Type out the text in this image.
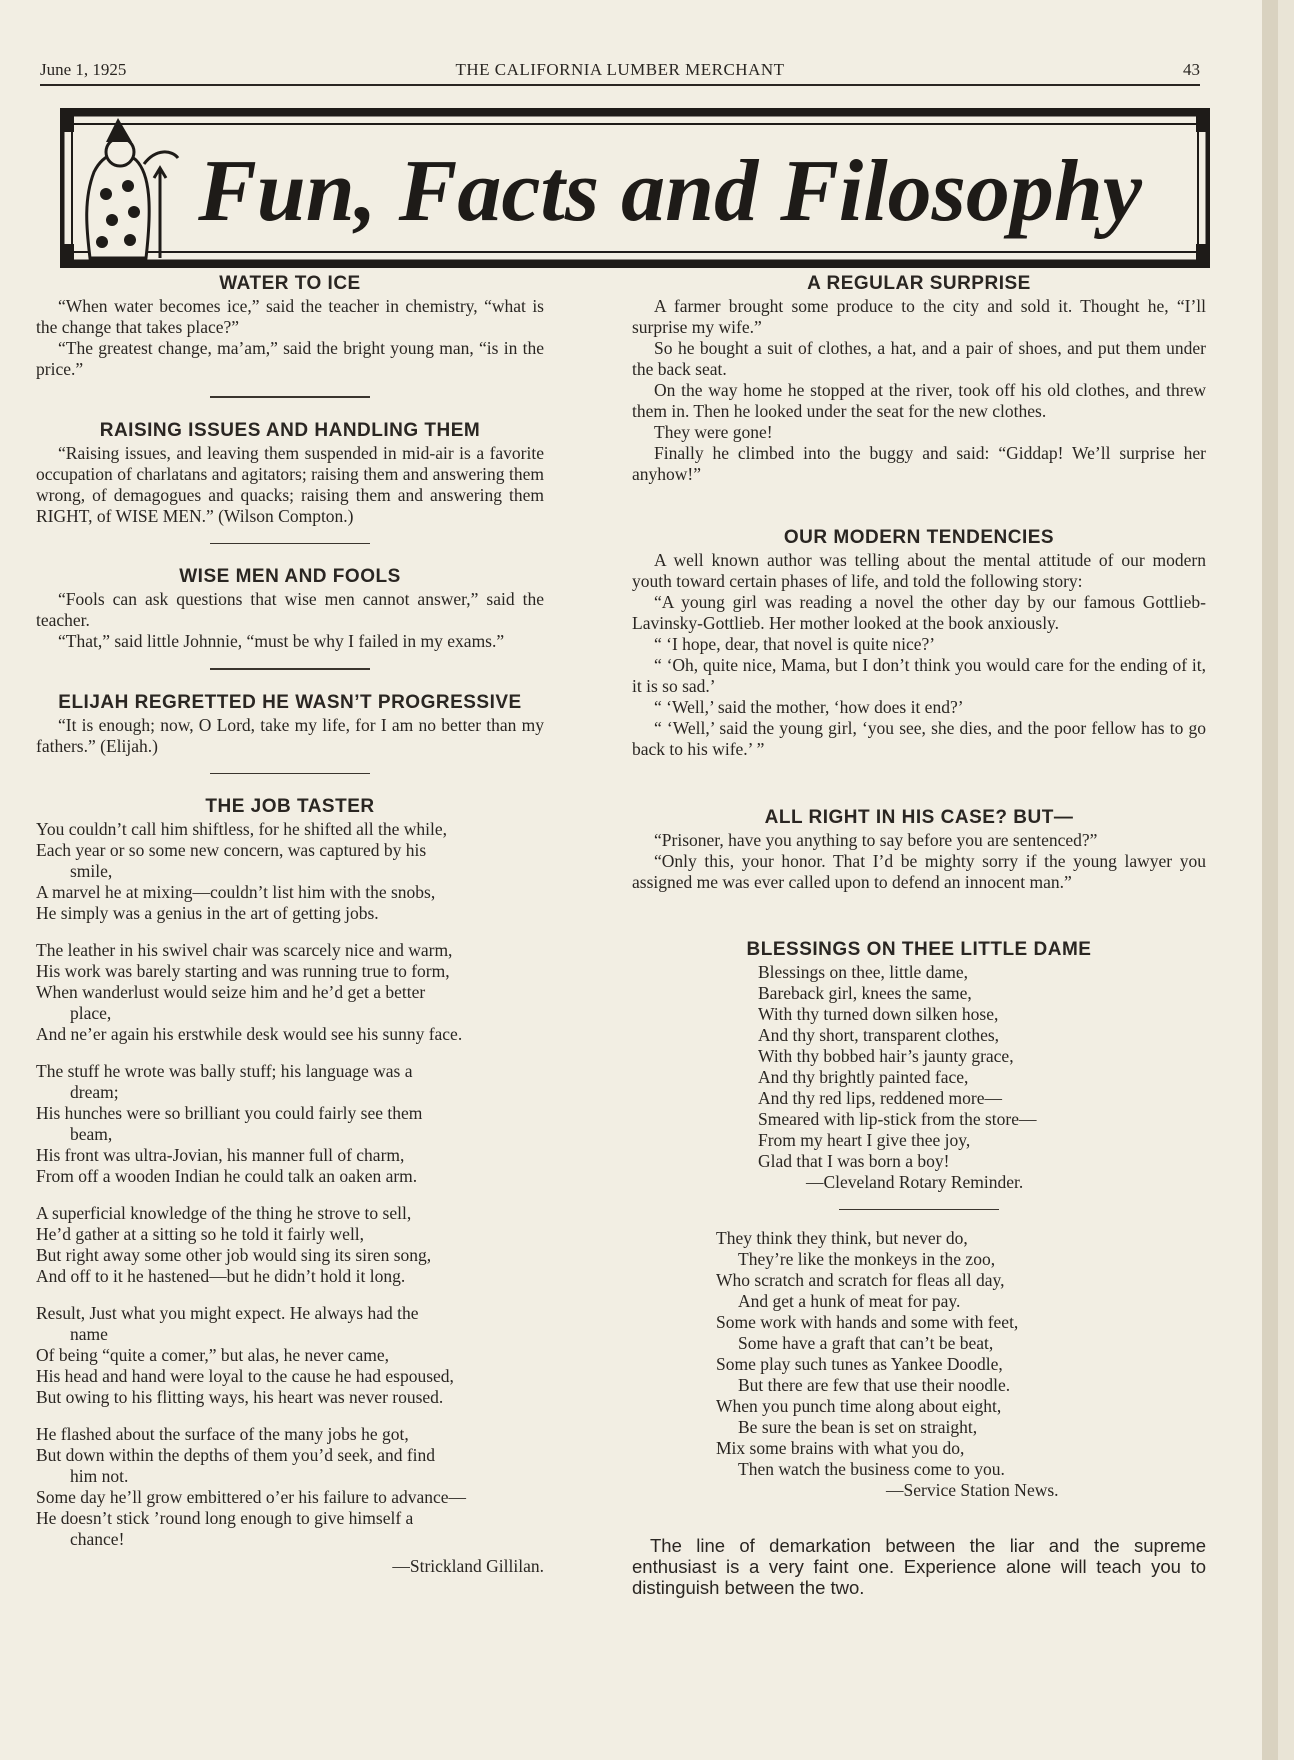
June 1, 1925	THE CALIFORNIA LUMBER MERCHANT	43
Fun, Facts and Filosophy
WATER TO ICE

“When water becomes ice,” said the teacher in chemistry, “what is the change that takes place?”

“The greatest change, ma’am,” said the bright young man, “is in the price.”

RAISING ISSUES AND HANDLING THEM

“Raising issues, and leaving them suspended in mid-air is a favorite occupation of charlatans and agitators; raising them and answering them wrong, of demagogues and quacks; raising them and answering them RIGHT, of WISE MEN.” (Wilson Compton.)

WISE MEN AND FOOLS

“Fools can ask questions that wise men cannot answer,” said the teacher.

“That,” said little Johnnie, “must be why I failed in my exams.”

ELIJAH REGRETTED HE WASN’T PROGRESSIVE

“It is enough; now, O Lord, take my life, for I am no better than my fathers.” (Elijah.)

THE JOB TASTER
You couldn’t call him shiftless, for he shifted all the while,
Each year or so some new concern, was captured by his
smile,
A marvel he at mixing—couldn’t list him with the snobs,
He simply was a genius in the art of getting jobs.
The leather in his swivel chair was scarcely nice and warm,
His work was barely starting and was running true to form,
When wanderlust would seize him and he’d get a better
place,
And ne’er again his erstwhile desk would see his sunny face.
The stuff he wrote was bally stuff; his language was a
dream;
His hunches were so brilliant you could fairly see them
beam,
His front was ultra-Jovian, his manner full of charm,
From off a wooden Indian he could talk an oaken arm.
A superficial knowledge of the thing he strove to sell,
He’d gather at a sitting so he told it fairly well,
But right away some other job would sing its siren song,
And off to it he hastened—but he didn’t hold it long.
Result, Just what you might expect. He always had the
name
Of being “quite a comer,” but alas, he never came,
His head and hand were loyal to the cause he had espoused,
But owing to his flitting ways, his heart was never roused.
He flashed about the surface of the many jobs he got,
But down within the depths of them you’d seek, and find
him not.
Some day he’ll grow embittered o’er his failure to advance—
He doesn’t stick ’round long enough to give himself a
chance!
—Strickland Gillilan.
A REGULAR SURPRISE

A farmer brought some produce to the city and sold it. Thought he, “I’ll surprise my wife.”

So he bought a suit of clothes, a hat, and a pair of shoes, and put them under the back seat.

On the way home he stopped at the river, took off his old clothes, and threw them in. Then he looked under the seat for the new clothes.

They were gone!

Finally he climbed into the buggy and said: “Giddap! We’ll surprise her anyhow!”

OUR MODERN TENDENCIES

A well known author was telling about the mental attitude of our modern youth toward certain phases of life, and told the following story:

“A young girl was reading a novel the other day by our famous Gottlieb-Lavinsky-Gottlieb. Her mother looked at the book anxiously.

“ ‘I hope, dear, that novel is quite nice?’

“ ‘Oh, quite nice, Mama, but I don’t think you would care for the ending of it, it is so sad.’

“ ‘Well,’ said the mother, ‘how does it end?’

“ ‘Well,’ said the young girl, ‘you see, she dies, and the poor fellow has to go back to his wife.’ ”

ALL RIGHT IN HIS CASE? BUT—

“Prisoner, have you anything to say before you are sentenced?”

“Only this, your honor. That I’d be mighty sorry if the young lawyer you assigned me was ever called upon to defend an innocent man.”

BLESSINGS ON THEE LITTLE DAME
Blessings on thee, little dame,
Bareback girl, knees the same,
With thy turned down silken hose,
And thy short, transparent clothes,
With thy bobbed hair’s jaunty grace,
And thy brightly painted face,
And thy red lips, reddened more—
Smeared with lip-stick from the store—
From my heart I give thee joy,
Glad that I was born a boy!
—Cleveland Rotary Reminder.
They think they think, but never do,
They’re like the monkeys in the zoo,
Who scratch and scratch for fleas all day,
And get a hunk of meat for pay.
Some work with hands and some with feet,
Some have a graft that can’t be beat,
Some play such tunes as Yankee Doodle,
But there are few that use their noodle.
When you punch time along about eight,
Be sure the bean is set on straight,
Mix some brains with what you do,
Then watch the business come to you.
—Service Station News.

The line of demarkation between the liar and the supreme enthusiast is a very faint one. Experience alone will teach you to distinguish between the two.
